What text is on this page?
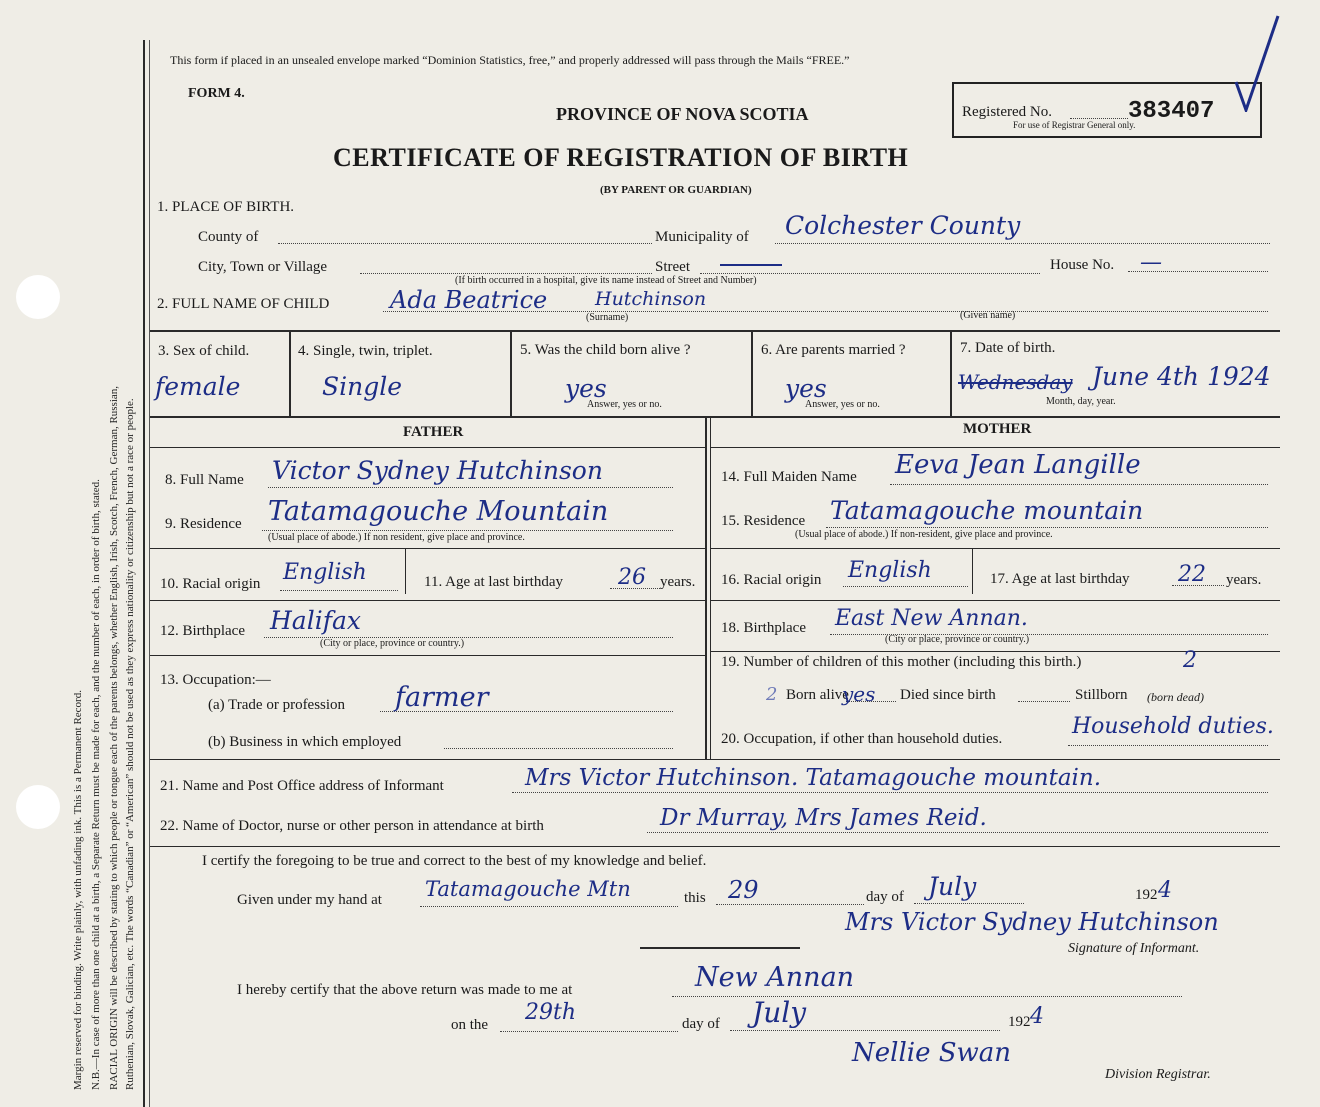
Margin reserved for binding. Write plainly, with unfading ink. This is a Permanent Record. N.B.—In case of more than one child at a birth, a Separate Return must be made for each, and the number of each, in order of birth, stated. RACIAL ORIGIN will be described by stating to which people or tongue each of the parents belongs, whether English, Irish, Scotch, French, German, Russian, Ruthenian, Slovak, Galician, etc. The words “Canadian” or “American” should not be used as they express nationality or citizenship but not a race or people.
This form if placed in an unsealed envelope marked “Dominion Statistics, free,” and properly addressed will pass through the Mails “FREE.”
FORM 4.
PROVINCE OF NOVA SCOTIA
CERTIFICATE OF REGISTRATION OF BIRTH
(BY PARENT OR GUARDIAN)
Registered No.	383407
For use of Registrar General only.
1. PLACE OF BIRTH.
County of	Municipality of Colchester County
City, Town or Village
(If birth occurred in a hospital, give its name instead of Street and Number)
Street	House No. —
2. FULL NAME OF CHILD	Ada Beatrice	Hutchinson
(Surname)	(Given name)
3. Sex of child.
female
4. Single, twin, triplet.
Single
5. Was the child born alive ?
yes
Answer, yes or no.
6. Are parents married ?
yes
Answer, yes or no.
7. Date of birth.
Wednesday June 4th 1924
Month, day, year.
FATHER	MOTHER
8. Full Name Victor Sydney Hutchinson
9. Residence Tatamagouche Mountain
(Usual place of abode.) If non resident, give place and province.
10. Racial origin English	11. Age at last birthday	26 years.
12. Birthplace Halifax
(City or place, province or country.)
13. Occupation:—
(a) Trade or profession farmer
(b) Business in which employed
14. Full Maiden Name Eeva Jean Langille
15. Residence Tatamagouche mountain
(Usual place of abode.) If non-resident, give place and province.
16. Racial origin English	17. Age at last birthday 22 years.
18. Birthplace East New Annan.
(City or place, province or country.)
19. Number of children of this mother (including this birth.)	2
2 Born alive
yes Died since birth	Stillborn (born dead)
20. Occupation, if other than household duties.	Household duties.
21. Name and Post Office address of Informant	Mrs Victor Hutchinson. Tatamagouche mountain.
22. Name of Doctor, nurse or other person in attendance at birth	Dr Murray, Mrs James Reid.
I certify the foregoing to be true and correct to the best of my knowledge and belief.
Given under my hand at Tatamagouche Mtn	this 29	day of July	192 4
Mrs Victor Sydney Hutchinson
Signature of Informant.
I hereby certify that the above return was made to me at	New Annan
on the 29th	day of July	192 4
Nellie Swan
Division Registrar.
